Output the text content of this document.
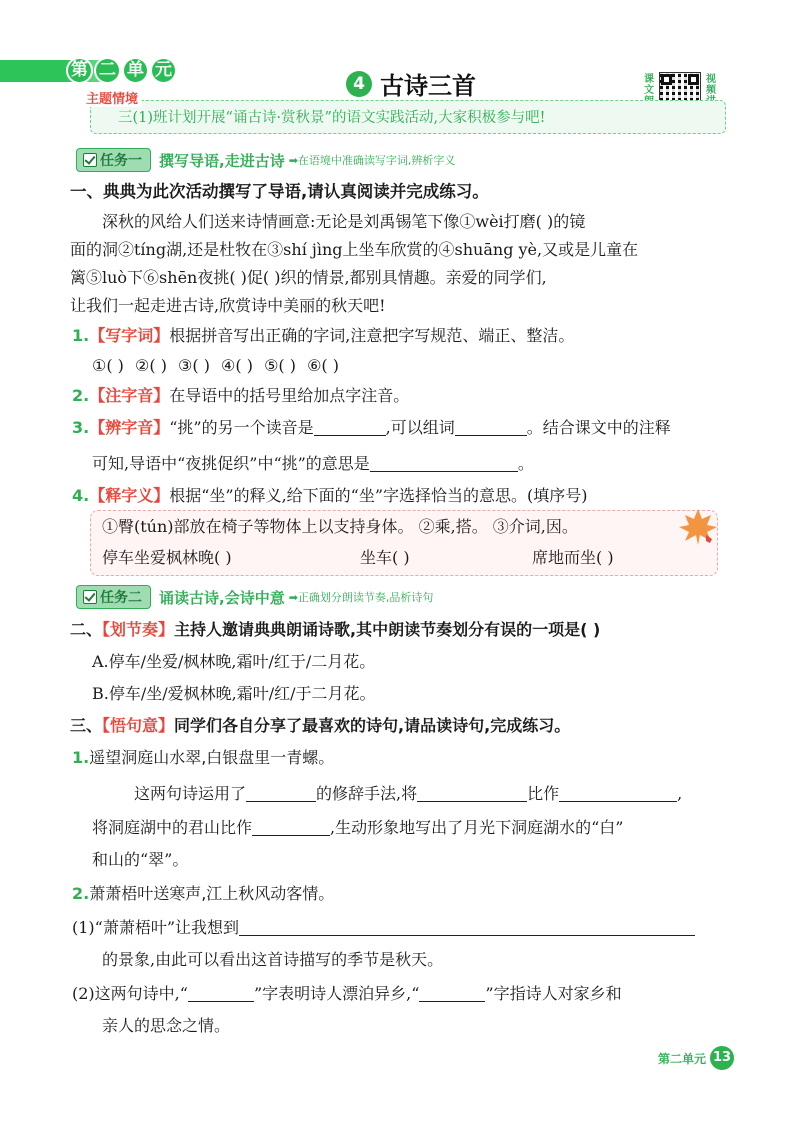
第 二 单 元
4 古诗三首	课文
视频
主题情境
三(1)班计划开展“诵古诗·赏秋景”的语文实践活动,大家积极参与吧!
任务一 撰写导语,走进古诗 ➡在语境中准确读写字词,辨析字义
一、典典为此次活动撰写了导语,请认真阅读并完成练习。
深秋的风给人们送来诗情画意:无论是刘禹锡笔下像①wèi打磨( )的镜
面的洞②tíng湖,还是杜牧在③shí jìng上坐车欣赏的④shuāng yè,又或是儿童在
篱⑤luò下⑥shēn夜挑( )促( )织的情景,都别具情趣。亲爱的同学们,
让我们一起走进古诗,欣赏诗中美丽的秋天吧!
1.【写字词】根据拼音写出正确的字词,注意把字写规范、端正、整洁。
①( ) ②( ) ③( ) ④( ) ⑤( ) ⑥( )
2.【注字音】在导语中的括号里给加点字注音。
3.【辨字音】“挑”的另一个读音是	,可以组词	。结合课文中的注释
可知,导语中“夜挑促织”中“挑”的意思是	。
4.【释字义】根据“坐”的释义,给下面的“坐”字选择恰当的意思。(填序号)
①臀(tún)部放在椅子等物体上以支持身体。 ②乘,搭。 ③介词,因。
停车坐爱枫林晚( )	坐车( )	席地而坐( )
任务二 诵读古诗,会诗中意 ➡正确划分朗读节奏,品析诗句
二、【划节奏】主持人邀请典典朗诵诗歌,其中朗读节奏划分有误的一项是( )
A.停车/坐爱/枫林晚,霜叶/红于/二月花。
B.停车/坐/爱枫林晚,霜叶/红/于二月花。
三、【悟句意】同学们各自分享了最喜欢的诗句,请品读诗句,完成练习。
1.遥望洞庭山水翠,白银盘里一青螺。
这两句诗运用了	的修辞手法,将	比作	,
将洞庭湖中的君山比作	,生动形象地写出了月光下洞庭湖水的“白”
和山的“翠”。
2.萧萧梧叶送寒声,江上秋风动客情。
(1)“萧萧梧叶”让我想到
的景象,由此可以看出这首诗描写的季节是秋天。
(2)这两句诗中,“	”字表明诗人漂泊异乡,“	”字指诗人对家乡和
亲人的思念之情。
第二单元 13
